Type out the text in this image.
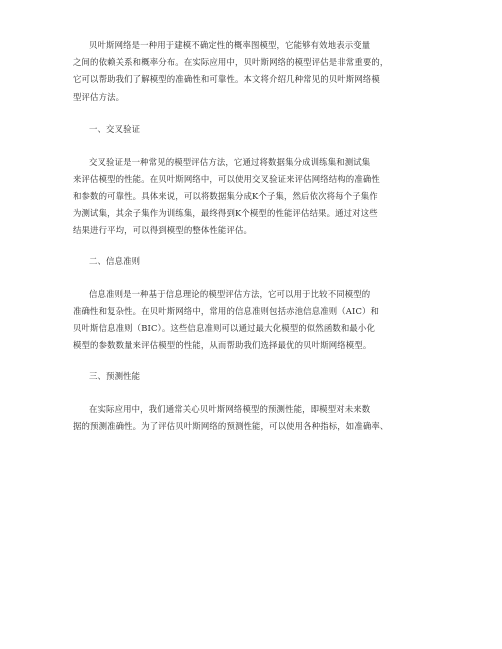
贝叶斯网络是一种用于建模不确定性的概率图模型，它能够有效地表示变量
之间的依赖关系和概率分布。在实际应用中，贝叶斯网络的模型评估是非常重要的，
它可以帮助我们了解模型的准确性和可靠性。本文将介绍几种常见的贝叶斯网络模
型评估方法。
一、交叉验证
交叉验证是一种常见的模型评估方法，它通过将数据集分成训练集和测试集
来评估模型的性能。在贝叶斯网络中，可以使用交叉验证来评估网络结构的准确性
和参数的可靠性。具体来说，可以将数据集分成K个子集，然后依次将每个子集作
为测试集，其余子集作为训练集，最终得到K个模型的性能评估结果。通过对这些
结果进行平均，可以得到模型的整体性能评估。
二、信息准则
信息准则是一种基于信息理论的模型评估方法，它可以用于比较不同模型的
准确性和复杂性。在贝叶斯网络中，常用的信息准则包括赤池信息准则（AIC）和
贝叶斯信息准则（BIC）。这些信息准则可以通过最大化模型的似然函数和最小化
模型的参数数量来评估模型的性能，从而帮助我们选择最优的贝叶斯网络模型。
三、预测性能
在实际应用中，我们通常关心贝叶斯网络模型的预测性能，即模型对未来数
据的预测准确性。为了评估贝叶斯网络的预测性能，可以使用各种指标，如准确率、
